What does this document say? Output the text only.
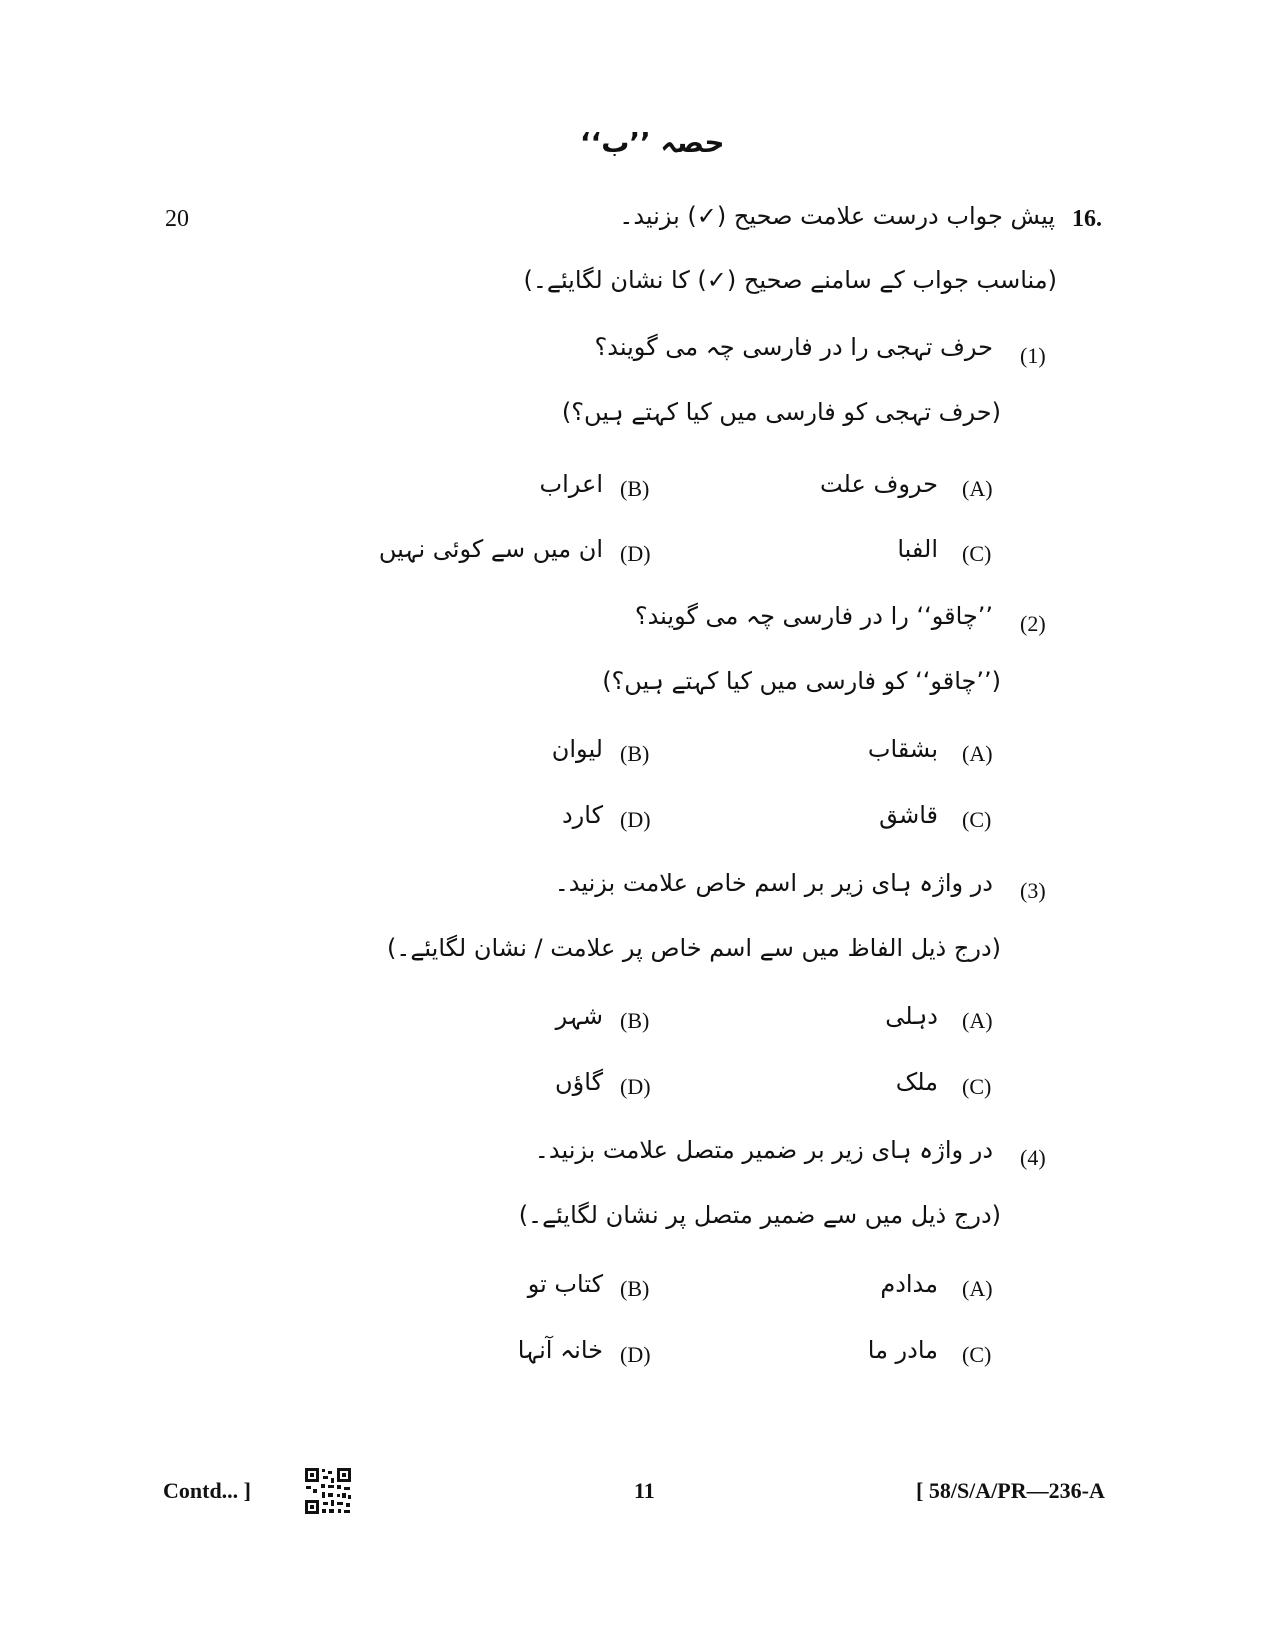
حصہ ’’ب‘‘
20	16.
پیش جواب درست علامت صحیح (✓) بزنید۔
(مناسب جواب کے سامنے صحیح (✓) کا نشان لگایئے۔)
(1)
حرف تہجی را در فارسی چہ می گویند؟
(حرف تہجی کو فارسی میں کیا کہتے ہیں؟)
(A)
حروف علت
(B)
اعراب
(C)
الفبا
(D)
ان میں سے کوئی نہیں
(2)
’’چاقو‘‘ را در فارسی چہ می گویند؟
(’’چاقو‘‘ کو فارسی میں کیا کہتے ہیں؟)
(A)
بشقاب
(B)
لیوان
(C)
قاشق
(D)
کارد
(3)
در واژہ ہای زیر بر اسم خاص علامت بزنید۔
(درج ذیل الفاظ میں سے اسم خاص پر علامت / نشان لگایئے۔)
(A)
دہلی
(B)
شہر
(C)
ملک
(D)
گاؤں
(4)
در واژہ ہای زیر بر ضمیر متصل علامت بزنید۔
(درج ذیل میں سے ضمیر متصل پر نشان لگایئے۔)
(A)
مدادم
(B)
کتاب تو
(C)
مادر ما
(D)
خانہ آنہا
Contd... ]	11	[ 58/S/A/PR—236-A
